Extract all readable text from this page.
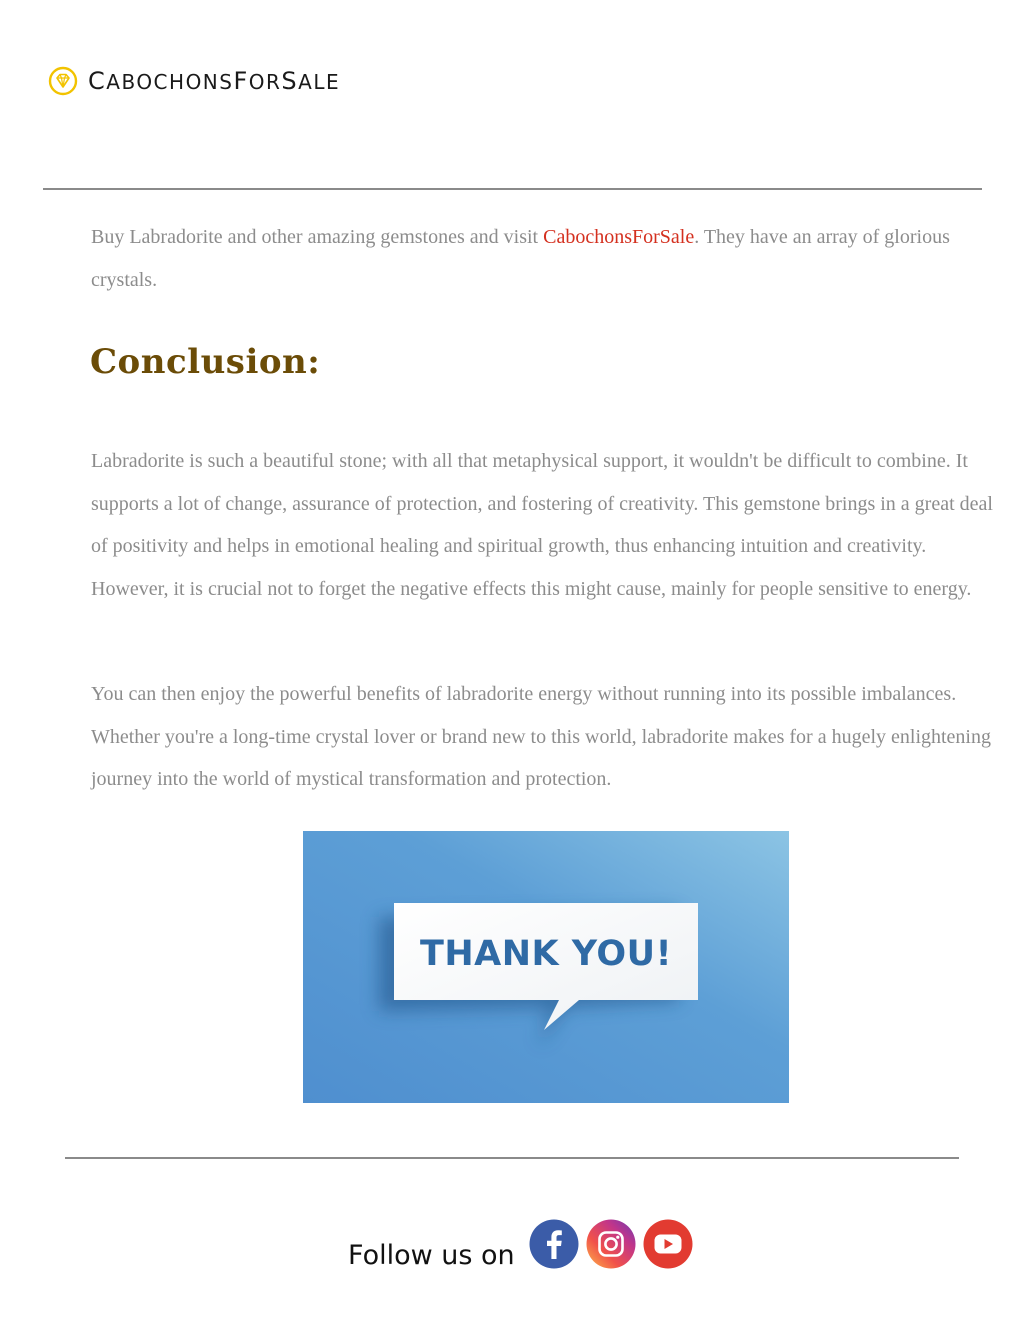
CABOCHONSFORSALE
Buy Labradorite and other amazing gemstones and visit CabochonsForSale. They have an array of glorious crystals.
Conclusion:
Labradorite is such a beautiful stone; with all that metaphysical support, it wouldn't be difficult to combine. It supports a lot of change, assurance of protection, and fostering of creativity. This gemstone brings in a great deal of positivity and helps in emotional healing and spiritual growth, thus enhancing intuition and creativity. However, it is crucial not to forget the negative effects this might cause, mainly for people sensitive to energy.
You can then enjoy the powerful benefits of labradorite energy without running into its possible imbalances. Whether you're a long-time crystal lover or brand new to this world, labradorite makes for a hugely enlightening journey into the world of mystical transformation and protection.
THANK YOU!
Follow us on
